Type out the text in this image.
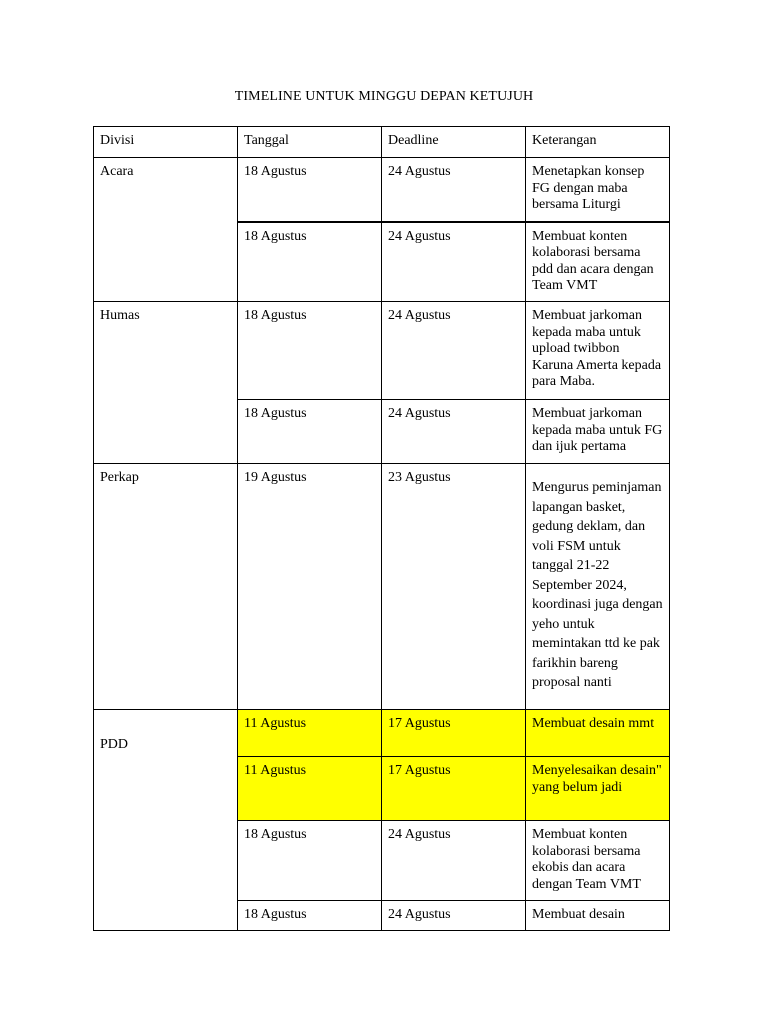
TIMELINE UNTUK MINGGU DEPAN KETUJUH
Divisi	Tanggal	Deadline	Keterangan
Acara	18 Agustus	24 Agustus	Menetapkan konsep FG dengan maba bersama Liturgi
	18 Agustus	24 Agustus	Membuat konten kolaborasi bersama pdd dan acara dengan Team VMT
Humas	18 Agustus	24 Agustus	Membuat jarkoman kepada maba untuk upload twibbon Karuna Amerta kepada para Maba.
	18 Agustus	24 Agustus	Membuat jarkoman kepada maba untuk FG dan ijuk pertama
Perkap	19 Agustus	23 Agustus	Mengurus peminjaman lapangan basket, gedung deklam, dan voli FSM untuk tanggal 21-22 September 2024, koordinasi juga dengan yeho untuk memintakan ttd ke pak farikhin bareng proposal nanti
PDD	11 Agustus	17 Agustus	Membuat desain mmt
	11 Agustus	17 Agustus	Menyelesaikan desain" yang belum jadi
	18 Agustus	24 Agustus	Membuat konten kolaborasi bersama ekobis dan acara dengan Team VMT
	18 Agustus	24 Agustus	Membuat desain
